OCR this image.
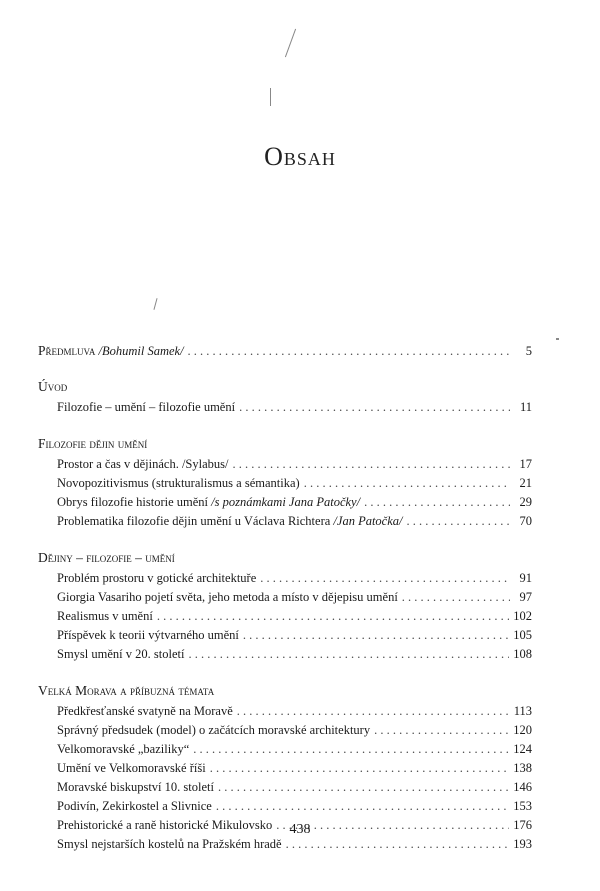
Obsah
Předmluva /Bohumil Samek/ . . .	5
Úvod
Filozofie – umění – filozofie umění . . .	11
Filozofie dějin umění
Prostor a čas v dějinách. /Sylabus/ . . .	17
Novopozitivismus (strukturalismus a sémantika) . . .	21
Obrys filozofie historie umění /s poznámkami Jana Patočky/ . . .	29
Problematika filozofie dějin umění u Václava Richtera /Jan Patočka/ . . .	70
Dějiny – filozofie – umění
Problém prostoru v gotické architektuře . . .	91
Giorgia Vasariho pojetí světa, jeho metoda a místo v dějepisu umění . . .	97
Realismus v umění . . .	102
Příspěvek k teorii výtvarného umění . . .	105
Smysl umění v 20. století . . .	108
Velká Morava a příbuzná témata
Předkřesťanské svatyně na Moravě . . .	113
Správný předsudek (model) o začátcích moravské architektury . . .	120
Velkomoravské „baziliky“ . . .	124
Umění ve Velkomoravské říši . . .	138
Moravské biskupství 10. století . . .	146
Podivín, Zekirkostel a Slivnice . . .	153
Prehistorické a raně historické Mikulovsko . . .	176
Smysl nejstarších kostelů na Pražském hradě . . .	193
438
